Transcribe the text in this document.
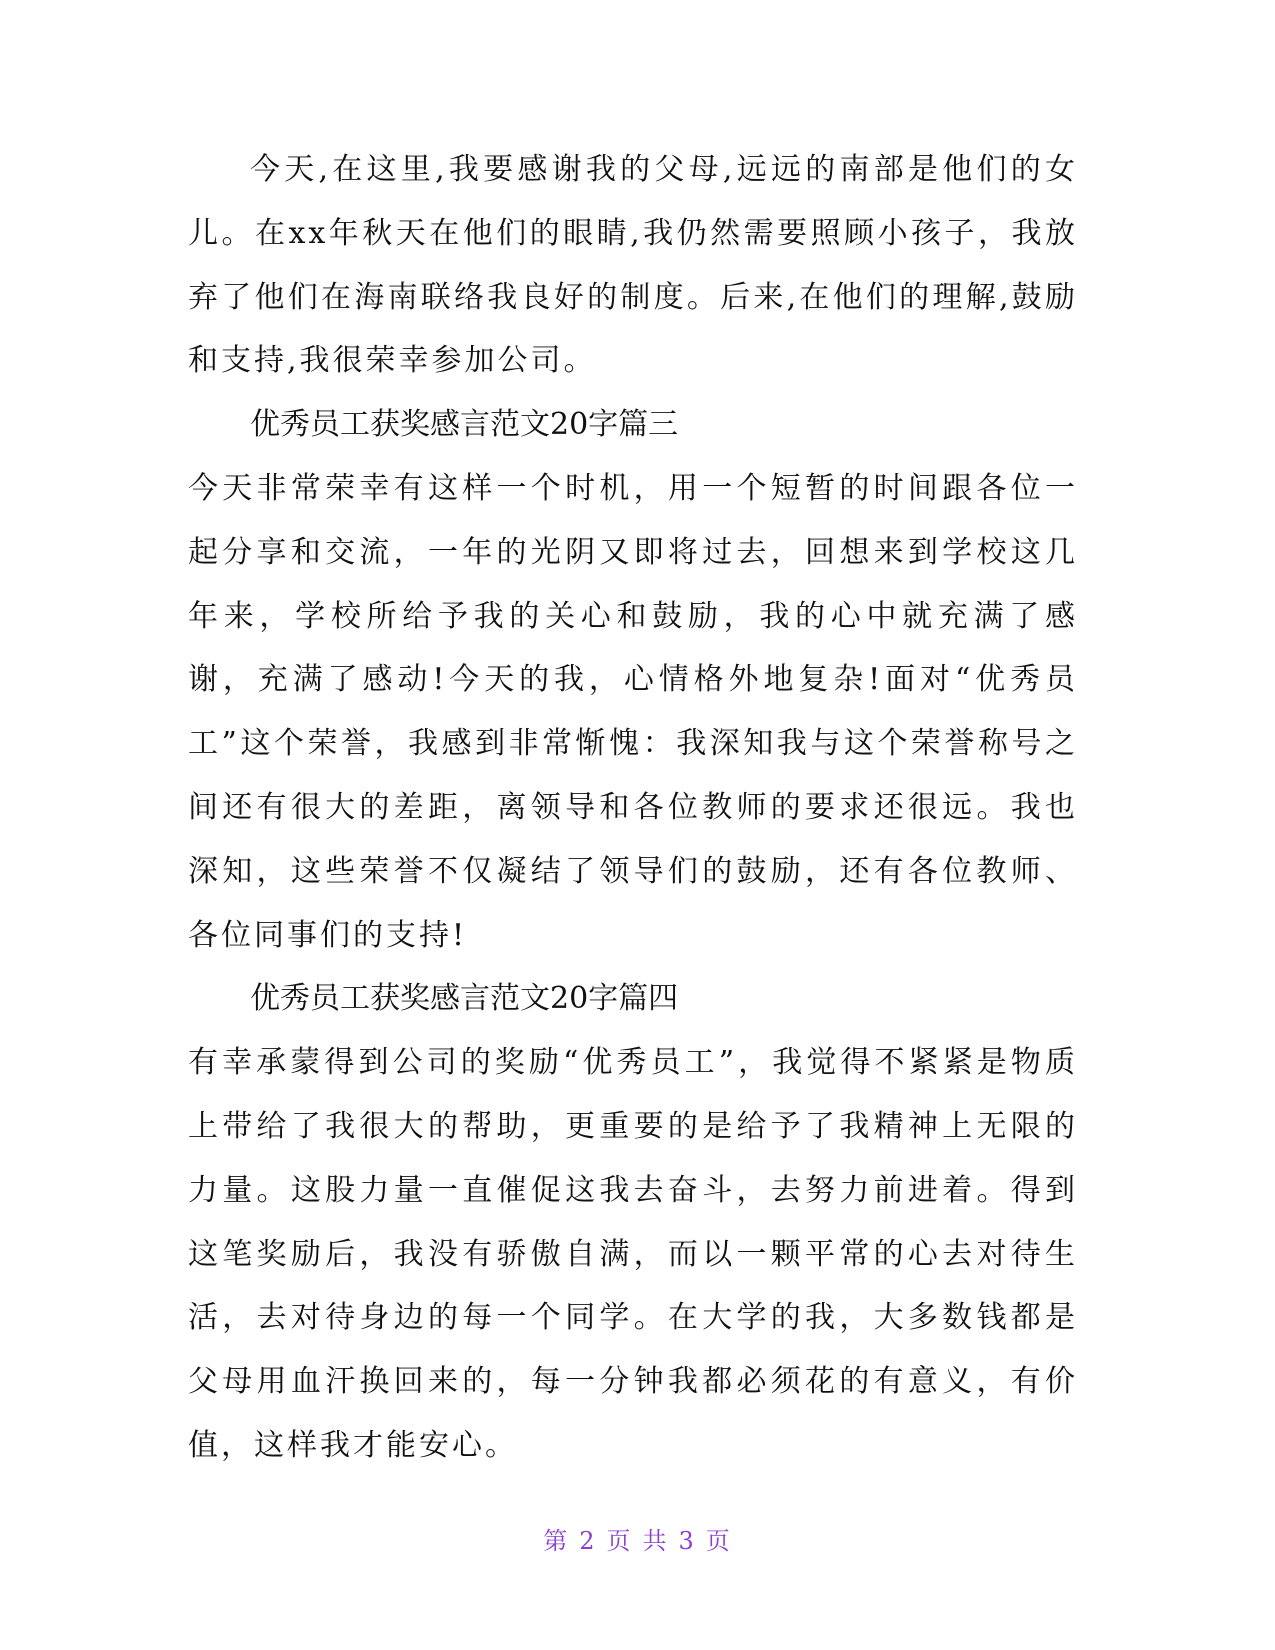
今天,在这里,我要感谢我的父母,远远的南部是他们的女儿。在xx年秋天在他们的眼睛,我仍然需要照顾小孩子，我放弃了他们在海南联络我良好的制度。后来,在他们的理解,鼓励和支持,我很荣幸参加公司。

优秀员工获奖感言范文20字篇三

今天非常荣幸有这样一个时机，用一个短暂的时间跟各位一起分享和交流，一年的光阴又即将过去，回想来到学校这几年来，学校所给予我的关心和鼓励，我的心中就充满了感谢，充满了感动!今天的我，心情格外地复杂!面对“优秀员工”这个荣誉，我感到非常惭愧：我深知我与这个荣誉称号之间还有很大的差距，离领导和各位教师的要求还很远。我也深知，这些荣誉不仅凝结了领导们的鼓励，还有各位教师、各位同事们的支持!

优秀员工获奖感言范文20字篇四

有幸承蒙得到公司的奖励“优秀员工”，我觉得不紧紧是物质上带给了我很大的帮助，更重要的是给予了我精神上无限的力量。这股力量一直催促这我去奋斗，去努力前进着。得到这笔奖励后，我没有骄傲自满，而以一颗平常的心去对待生活，去对待身边的每一个同学。在大学的我，大多数钱都是父母用血汗换回来的，每一分钟我都必须花的有意义，有价值，这样我才能安心。

第 2 页 共 3 页
